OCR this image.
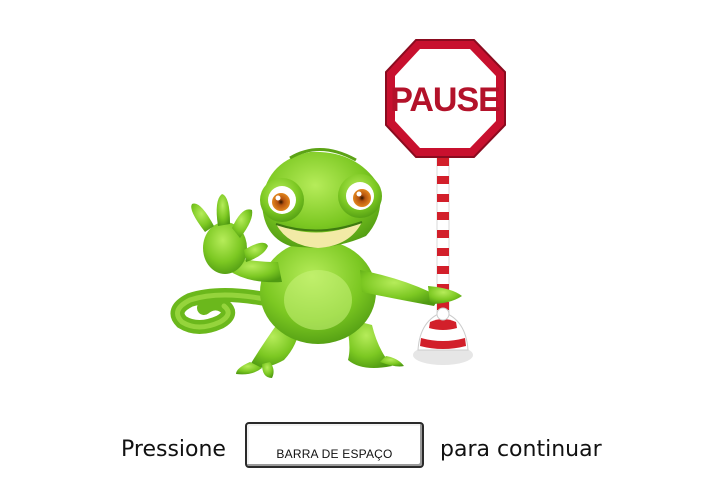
PAUSE
Pressione	BARRA DE ESPAÇO	para continuar
